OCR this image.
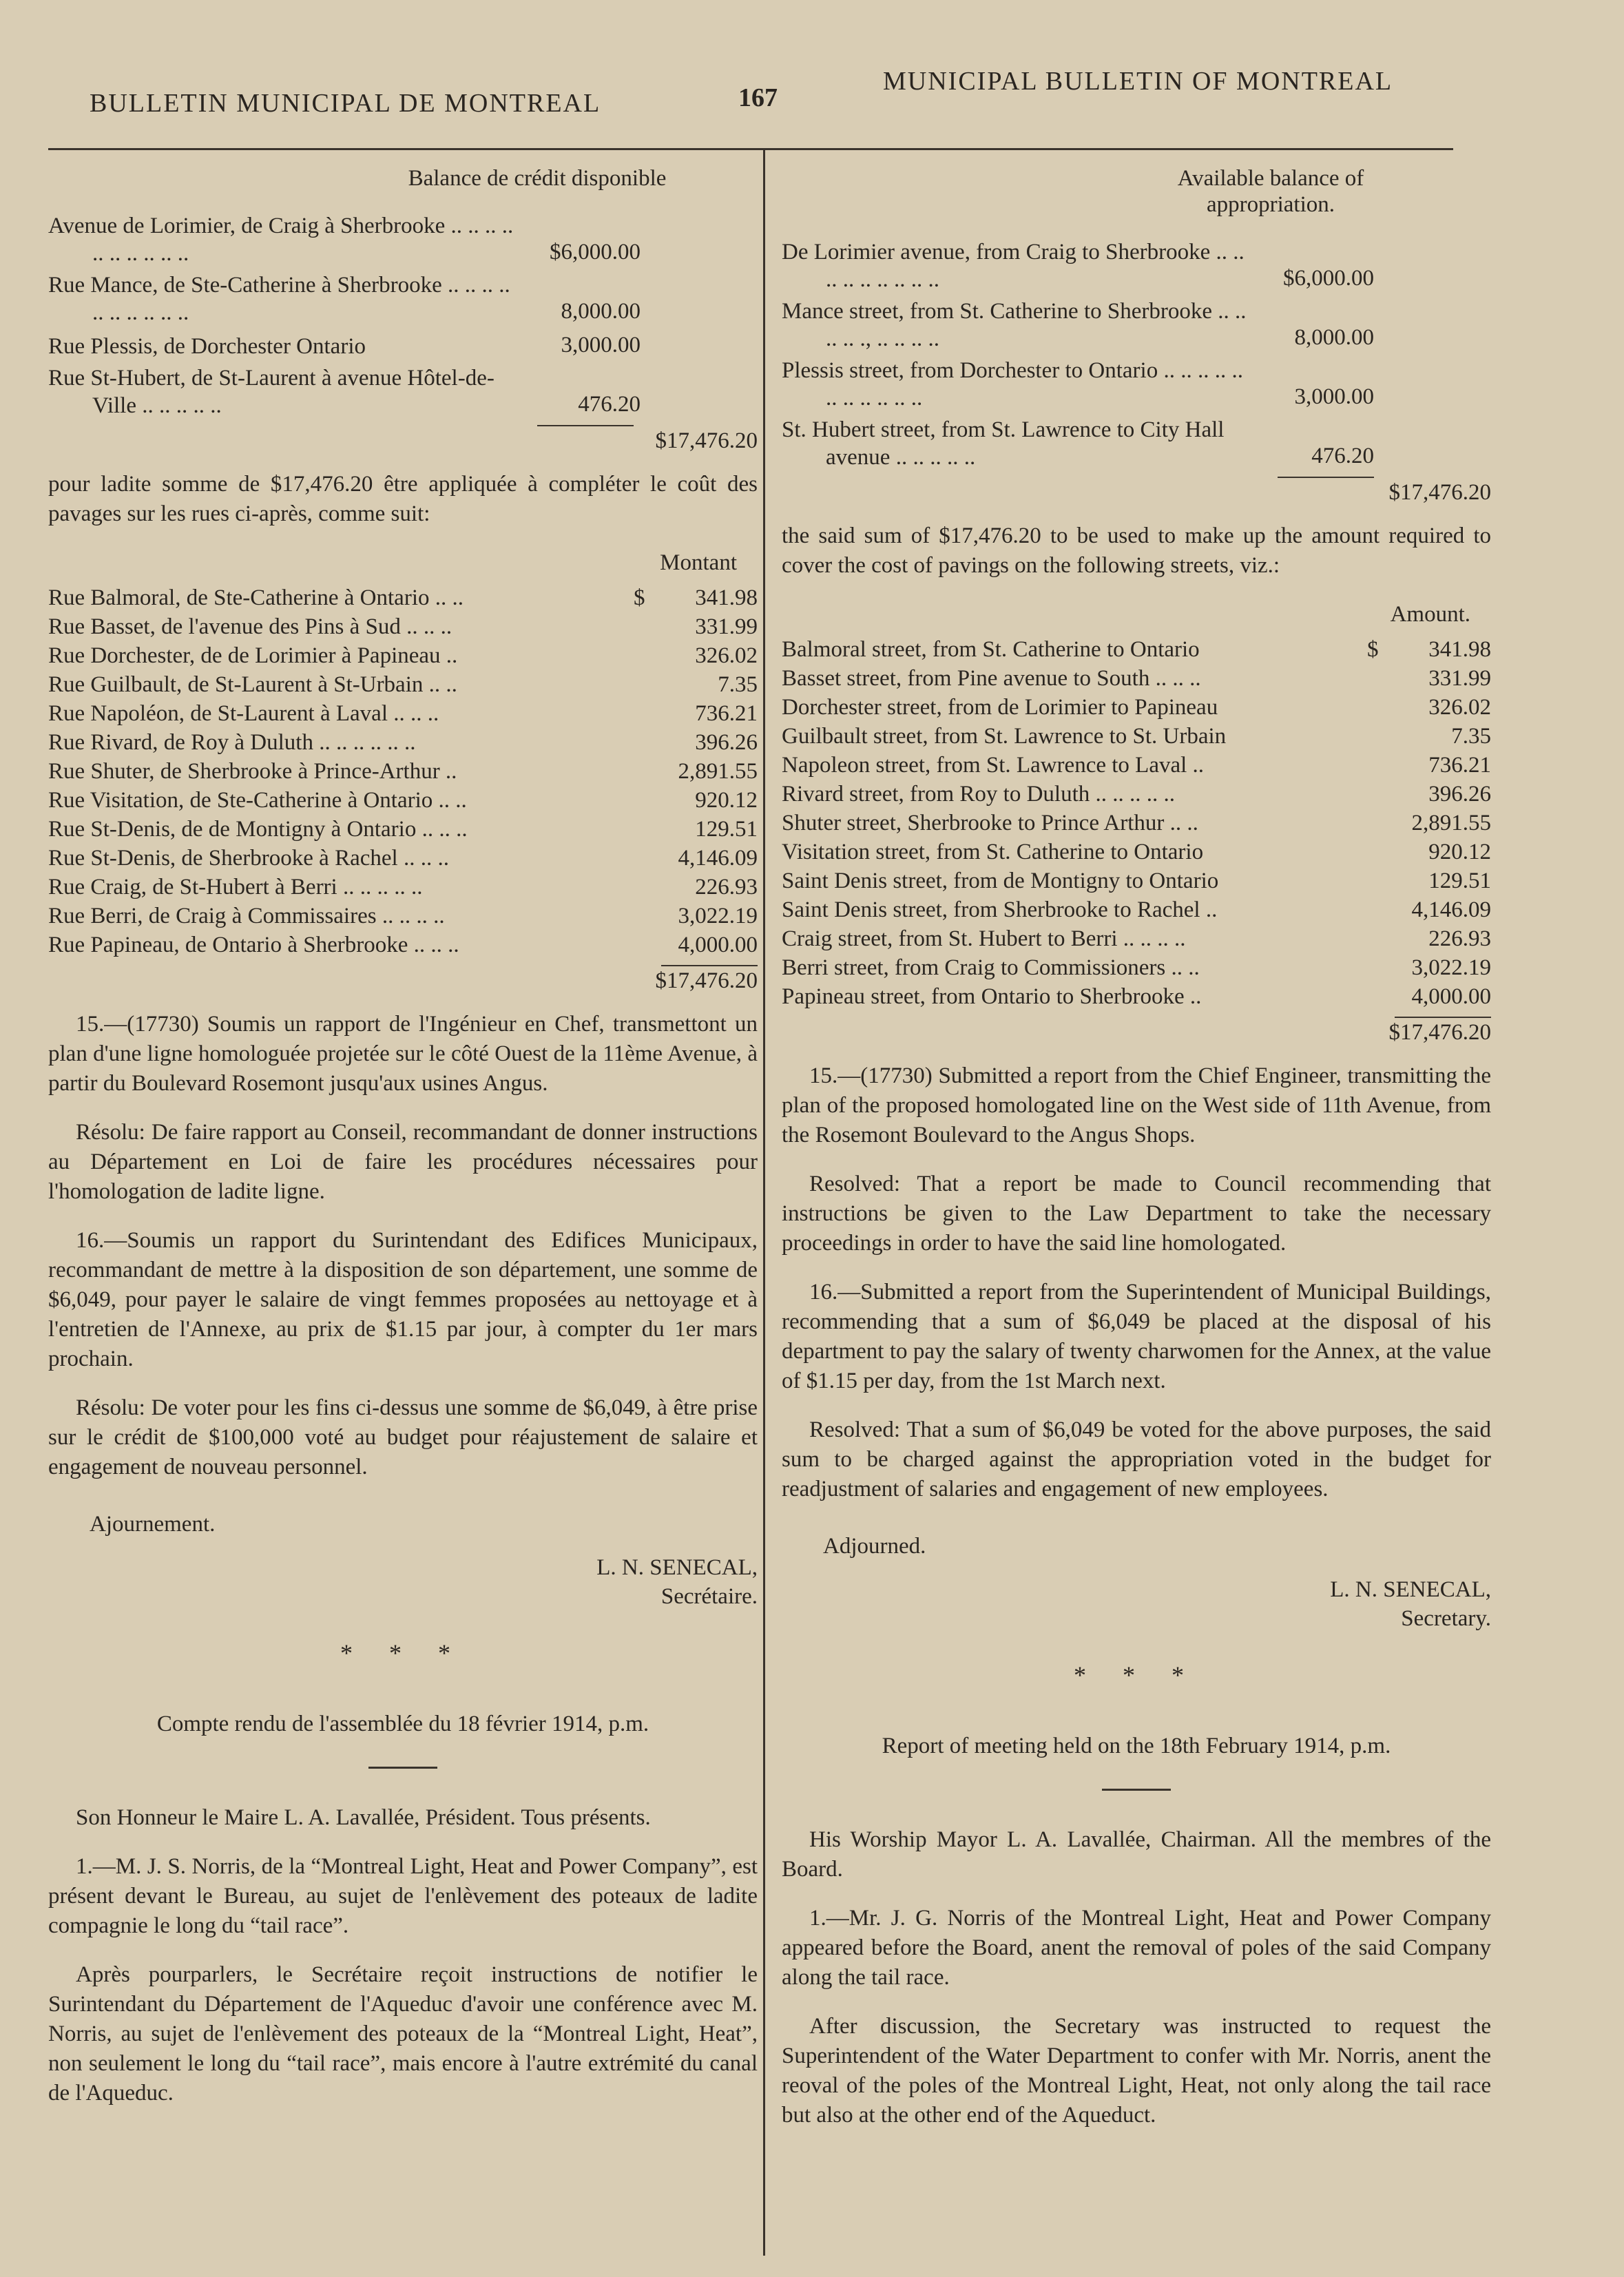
BULLETIN MUNICIPAL DE MONTREAL	167
MUNICIPAL BULLETIN OF MONTREAL
Balance de crédit disponible
Avenue de Lorimier, de Craig à Sherbrooke .. .. .. .. .. .. .. .. .. ..	$6,000.00
Rue Mance, de Ste-Catherine à Sherbrooke .. .. .. .. .. .. .. .. .. ..	8,000.00
Rue Plessis, de Dorchester Ontario	3,000.00
Rue St-Hubert, de St-Laurent à avenue Hôtel-de-Ville .. .. .. .. ..	476.20
$17,476.20

pour ladite somme de $17,476.20 être appliquée à compléter le coût des pavages sur les rues ci-après, comme suit:

Montant
Rue Balmoral, de Ste-Catherine à Ontario .. ..	$ 341.98
Rue Basset, de l'avenue des Pins à Sud .. .. ..	331.99
Rue Dorchester, de de Lorimier à Papineau ..	326.02
Rue Guilbault, de St-Laurent à St-Urbain .. ..	7.35
Rue Napoléon, de St-Laurent à Laval .. .. ..	736.21
Rue Rivard, de Roy à Duluth .. .. .. .. .. ..	396.26
Rue Shuter, de Sherbrooke à Prince-Arthur ..	2,891.55
Rue Visitation, de Ste-Catherine à Ontario .. ..	920.12
Rue St-Denis, de de Montigny à Ontario .. .. ..	129.51
Rue St-Denis, de Sherbrooke à Rachel .. .. ..	4,146.09
Rue Craig, de St-Hubert à Berri .. .. .. .. ..	226.93
Rue Berri, de Craig à Commissaires .. .. .. ..	3,022.19
Rue Papineau, de Ontario à Sherbrooke .. .. ..	4,000.00
$17,476.20

15.—(17730) Soumis un rapport de l'Ingénieur en Chef, transmettont un plan d'une ligne homologuée projetée sur le côté Ouest de la 11ème Avenue, à partir du Boulevard Rosemont jusqu'aux usines Angus.

Résolu: De faire rapport au Conseil, recommandant de donner instructions au Département en Loi de faire les procédures nécessaires pour l'homologation de ladite ligne.

16.—Soumis un rapport du Surintendant des Edifices Municipaux, recommandant de mettre à la disposition de son département, une somme de $6,049, pour payer le salaire de vingt femmes proposées au nettoyage et à l'entretien de l'Annexe, au prix de $1.15 par jour, à compter du 1er mars prochain.

Résolu: De voter pour les fins ci-dessus une somme de $6,049, à être prise sur le crédit de $100,000 voté au budget pour réajustement de salaire et engagement de nouveau personnel.

Ajournement.
L. N. SENECAL,
Secrétaire.
* * *
Compte rendu de l'assemblée du 18 février 1914, p.m.

Son Honneur le Maire L. A. Lavallée, Président. Tous présents.

1.—M. J. S. Norris, de la “Montreal Light, Heat and Power Company”, est présent devant le Bureau, au sujet de l'enlèvement des poteaux de ladite compagnie le long du “tail race”.

Après pourparlers, le Secrétaire reçoit instructions de notifier le Surintendant du Département de l'Aqueduc d'avoir une conférence avec M. Norris, au sujet de l'enlèvement des poteaux de la “Montreal Light, Heat”, non seulement le long du “tail race”, mais encore à l'autre extrémité du canal de l'Aqueduc.

Available balance of appropriation.
De Lorimier avenue, from Craig to Sherbrooke .. .. .. .. .. .. .. .. ..	$6,000.00
Mance street, from St. Catherine to Sherbrooke .. .. .. .. ., .. .. .. ..	8,000.00
Plessis street, from Dorchester to Ontario .. .. .. .. .. .. .. .. .. .. ..	3,000.00
St. Hubert street, from St. Lawrence to City Hall avenue .. .. .. .. ..	476.20
$17,476.20

the said sum of $17,476.20 to be used to make up the amount required to cover the cost of pavings on the following streets, viz.:

Amount.
Balmoral street, from St. Catherine to Ontario	$ 341.98
Basset street, from Pine avenue to South .. .. ..	331.99
Dorchester street, from de Lorimier to Papineau	326.02
Guilbault street, from St. Lawrence to St. Urbain	7.35
Napoleon street, from St. Lawrence to Laval ..	736.21
Rivard street, from Roy to Duluth .. .. .. .. ..	396.26
Shuter street, Sherbrooke to Prince Arthur .. ..	2,891.55
Visitation street, from St. Catherine to Ontario	920.12
Saint Denis street, from de Montigny to Ontario	129.51
Saint Denis street, from Sherbrooke to Rachel ..	4,146.09
Craig street, from St. Hubert to Berri .. .. .. ..	226.93
Berri street, from Craig to Commissioners .. ..	3,022.19
Papineau street, from Ontario to Sherbrooke ..	4,000.00
$17,476.20

15.—(17730) Submitted a report from the Chief Engineer, transmitting the plan of the proposed homologated line on the West side of 11th Avenue, from the Rosemont Boulevard to the Angus Shops.

Resolved: That a report be made to Council recommending that instructions be given to the Law Department to take the necessary proceedings in order to have the said line homologated.

16.—Submitted a report from the Superintendent of Municipal Buildings, recommending that a sum of $6,049 be placed at the disposal of his department to pay the salary of twenty charwomen for the Annex, at the value of $1.15 per day, from the 1st March next.

Resolved: That a sum of $6,049 be voted for the above purposes, the said sum to be charged against the appropriation voted in the budget for readjustment of salaries and engagement of new employees.

Adjourned.
L. N. SENECAL,
Secretary.
* * *
Report of meeting held on the 18th February 1914, p.m.

His Worship Mayor L. A. Lavallée, Chairman. All the membres of the Board.

1.—Mr. J. G. Norris of the Montreal Light, Heat and Power Company appeared before the Board, anent the removal of poles of the said Company along the tail race.

After discussion, the Secretary was instructed to request the Superintendent of the Water Department to confer with Mr. Norris, anent the reoval of the poles of the Montreal Light, Heat, not only along the tail race but also at the other end of the Aqueduct.
